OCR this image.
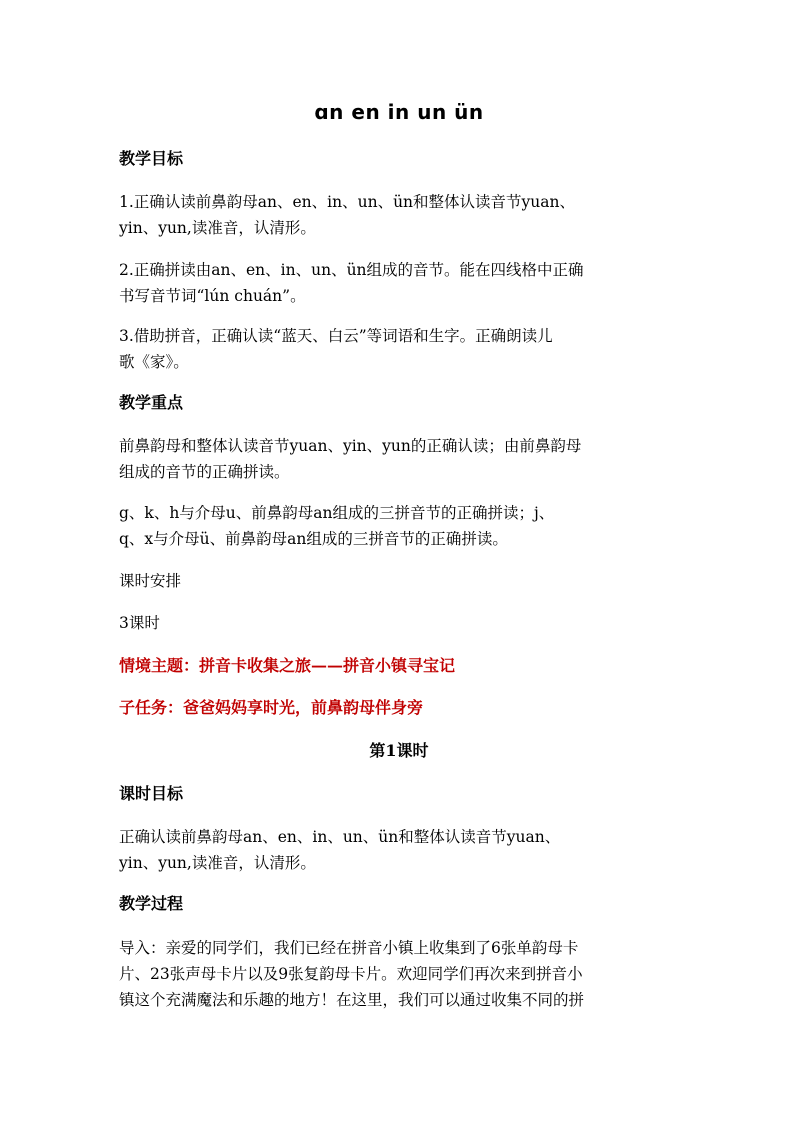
ɑn en in un ün
教学目标
1.正确认读前鼻韵母an、en、in、un、ün和整体认读音节yuan、
yin、yun,读准音，认清形。
2.正确拼读由an、en、in、un、ün组成的音节。能在四线格中正确
书写音节词“lún chuán”。
3.借助拼音，正确认读“蓝天、白云”等词语和生字。正确朗读儿
歌《家》。
教学重点
前鼻韵母和整体认读音节yuan、yin、yun的正确认读；由前鼻韵母
组成的音节的正确拼读。
g、k、h与介母u、前鼻韵母an组成的三拼音节的正确拼读；j、
q、x与介母ü、前鼻韵母an组成的三拼音节的正确拼读。
课时安排
3课时
情境主题：拼音卡收集之旅——拼音小镇寻宝记
子任务：爸爸妈妈享时光，前鼻韵母伴身旁
第1课时
课时目标
正确认读前鼻韵母an、en、in、un、ün和整体认读音节yuan、
yin、yun,读准音，认清形。
教学过程
导入：亲爱的同学们，我们已经在拼音小镇上收集到了6张单韵母卡
片、23张声母卡片以及9张复韵母卡片。欢迎同学们再次来到拼音小
镇这个充满魔法和乐趣的地方！在这里，我们可以通过收集不同的拼
